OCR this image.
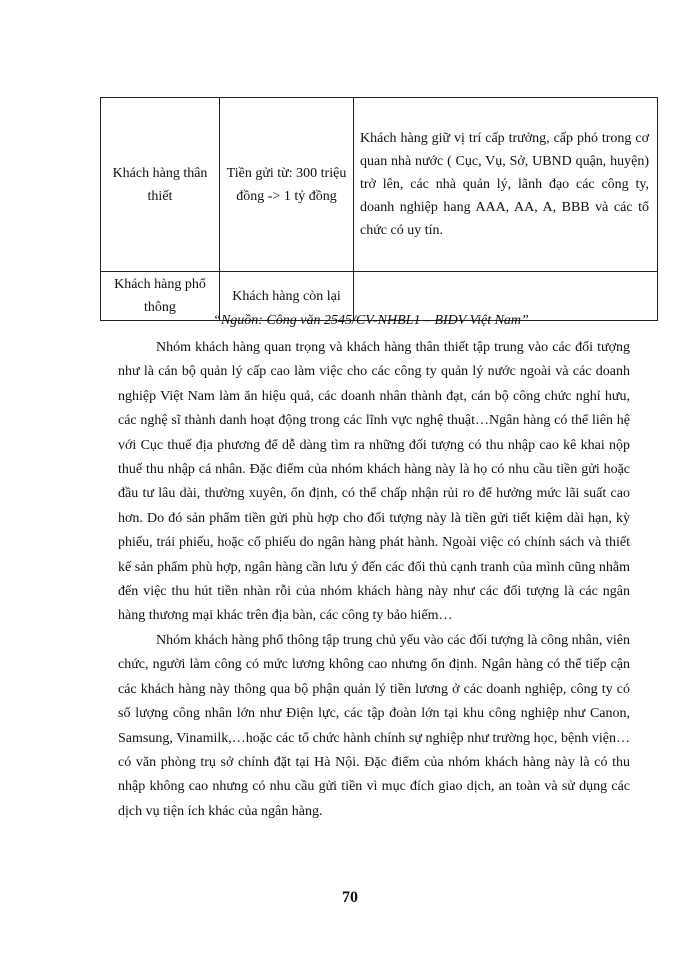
Khách hàng thân thiết	Tiền gửi từ: 300 triệu đồng -> 1 tỷ đồng	Khách hàng giữ vị trí cấp trưởng, cấp phó trong cơ quan nhà nước ( Cục, Vụ, Sở, UBND quận, huyện) trở lên, các nhà quản lý, lãnh đạo các công ty, doanh nghiệp hang AAA, AA, A, BBB và các tổ chức có uy tín.
Khách hàng phổ thông	Khách hàng còn lại	
“Nguồn: Công văn 2545/CV-NHBL1 – BIDV Việt Nam”

Nhóm khách hàng quan trọng và khách hàng thân thiết tập trung vào các đối tượng như là cán bộ quản lý cấp cao làm việc cho các công ty quản lý nước ngoài và các doanh nghiệp Việt Nam làm ăn hiệu quả, các doanh nhân thành đạt, cán bộ công chức nghỉ hưu, các nghệ sĩ thành danh hoạt động trong các lĩnh vực nghệ thuật…Ngân hàng có thể liên hệ với Cục thuế địa phương để dễ dàng tìm ra những đối tượng có thu nhập cao kê khai nộp thuế thu nhập cá nhân. Đặc điểm của nhóm khách hàng này là họ có nhu cầu tiền gửi hoặc đầu tư lâu dài, thường xuyên, ổn định, có thể chấp nhận rủi ro để hưởng mức lãi suất cao hơn. Do đó sản phẩm tiền gửi phù hợp cho đối tượng này là tiền gửi tiết kiệm dài hạn, kỳ phiếu, trái phiếu, hoặc cổ phiếu do ngân hàng phát hành. Ngoài việc có chính sách và thiết kế sản phẩm phù hợp, ngân hàng cần lưu ý đến các đối thủ cạnh tranh của mình cũng nhằm đến việc thu hút tiền nhàn rỗi của nhóm khách hàng này như các đối tượng là các ngân hàng thương mại khác trên địa bàn, các công ty bảo hiểm…

Nhóm khách hàng phổ thông tập trung chủ yếu vào các đối tượng là công nhân, viên chức, người làm công có mức lương không cao nhưng ổn định. Ngân hàng có thể tiếp cận các khách hàng này thông qua bộ phận quản lý tiền lương ở các doanh nghiệp, công ty có số lượng công nhân lớn như Điện lực, các tập đoàn lớn tại khu công nghiệp như Canon, Samsung, Vinamilk,…hoặc các tổ chức hành chính sự nghiệp như trường học, bệnh viện… có văn phòng trụ sở chính đặt tại Hà Nội. Đặc điểm của nhóm khách hàng này là có thu nhập không cao nhưng có nhu cầu gửi tiền vì mục đích giao dịch, an toàn và sử dụng các dịch vụ tiện ích khác của ngân hàng.

70
